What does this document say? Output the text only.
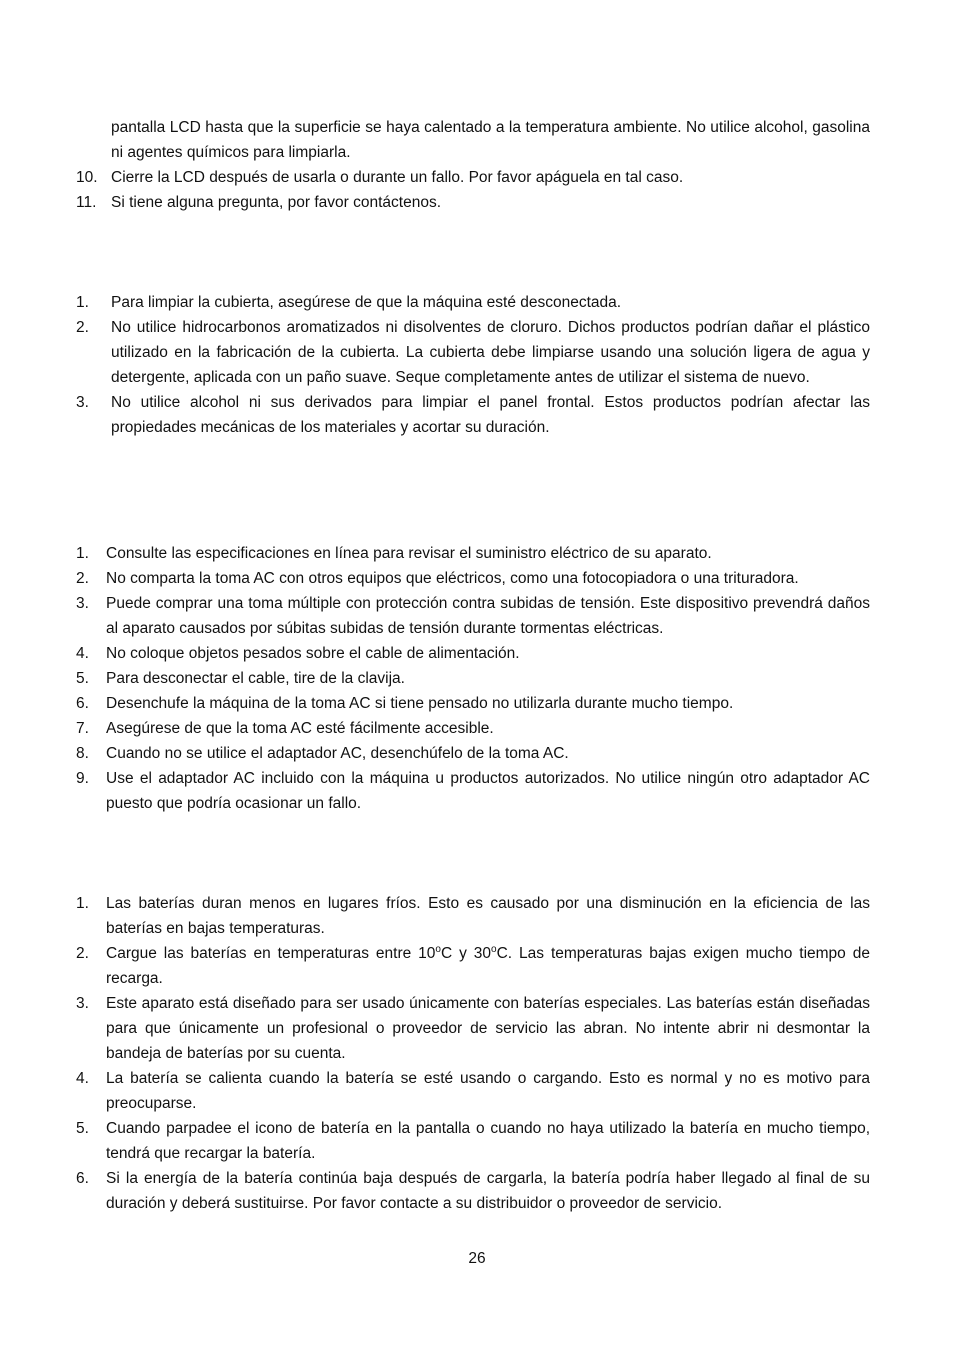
pantalla LCD hasta que la superficie se haya calentado a la temperatura ambiente. No utilice alcohol, gasolina ni agentes químicos para limpiarla.
10. Cierre la LCD después de usarla o durante un fallo. Por favor apáguela en tal caso.
11. Si tiene alguna pregunta, por favor contáctenos.
1.	Para limpiar la cubierta, asegúrese de que la máquina esté desconectada.
2.	No utilice hidrocarbonos aromatizados ni disolventes de cloruro. Dichos productos podrían dañar el plástico utilizado en la fabricación de la cubierta. La cubierta debe limpiarse usando una solución ligera de agua y detergente, aplicada con un paño suave. Seque completamente antes de utilizar el sistema de nuevo.
3.	No utilice alcohol ni sus derivados para limpiar el panel frontal. Estos productos podrían afectar las propiedades mecánicas de los materiales y acortar su duración.
1.	Consulte las especificaciones en línea para revisar el suministro eléctrico de su aparato.
2.	No comparta la toma AC con otros equipos que eléctricos, como una fotocopiadora o una trituradora.
3.	Puede comprar una toma múltiple con protección contra subidas de tensión. Este dispositivo prevendrá daños al aparato causados por súbitas subidas de tensión durante tormentas eléctricas.
4.	No coloque objetos pesados sobre el cable de alimentación.
5.	Para desconectar el cable, tire de la clavija.
6.	Desenchufe la máquina de la toma AC si tiene pensado no utilizarla durante mucho tiempo.
7.	Asegúrese de que la toma AC esté fácilmente accesible.
8.	Cuando no se utilice el adaptador AC, desenchúfelo de la toma AC.
9.	Use el adaptador AC incluido con la máquina u productos autorizados. No utilice ningún otro adaptador AC puesto que podría ocasionar un fallo.
1.	Las baterías duran menos en lugares fríos. Esto es causado por una disminución en la eficiencia de las baterías en bajas temperaturas.
2.	Cargue las baterías en temperaturas entre 10$^o$C y 30$^o$C. Las temperaturas bajas exigen mucho tiempo de recarga.
3.	Este aparato está diseñado para ser usado únicamente con baterías especiales. Las baterías están diseñadas para que únicamente un profesional o proveedor de servicio las abran. No intente abrir ni desmontar la bandeja de baterías por su cuenta.
4.	La batería se calienta cuando la batería se esté usando o cargando. Esto es normal y no es motivo para preocuparse.
5.	Cuando parpadee el icono de batería en la pantalla o cuando no haya utilizado la batería en mucho tiempo, tendrá que recargar la batería.
6.	Si la energía de la batería continúa baja después de cargarla, la batería podría haber llegado al final de su duración y deberá sustituirse. Por favor contacte a su distribuidor o proveedor de servicio.
26
